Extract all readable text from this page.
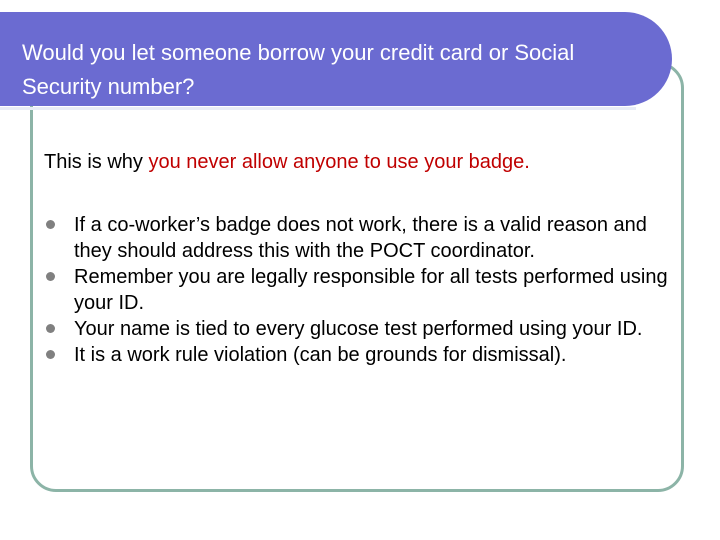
Would you let someone borrow your credit card or Social Security number?
This is why you never allow anyone to use your badge.
If a co-worker’s badge does not work, there is a valid reason and they should address this with the POCT coordinator.
Remember you are legally responsible for all tests performed using your ID.
Your name is tied to every glucose test performed using your ID.
It is a work rule violation (can be grounds for dismissal).
